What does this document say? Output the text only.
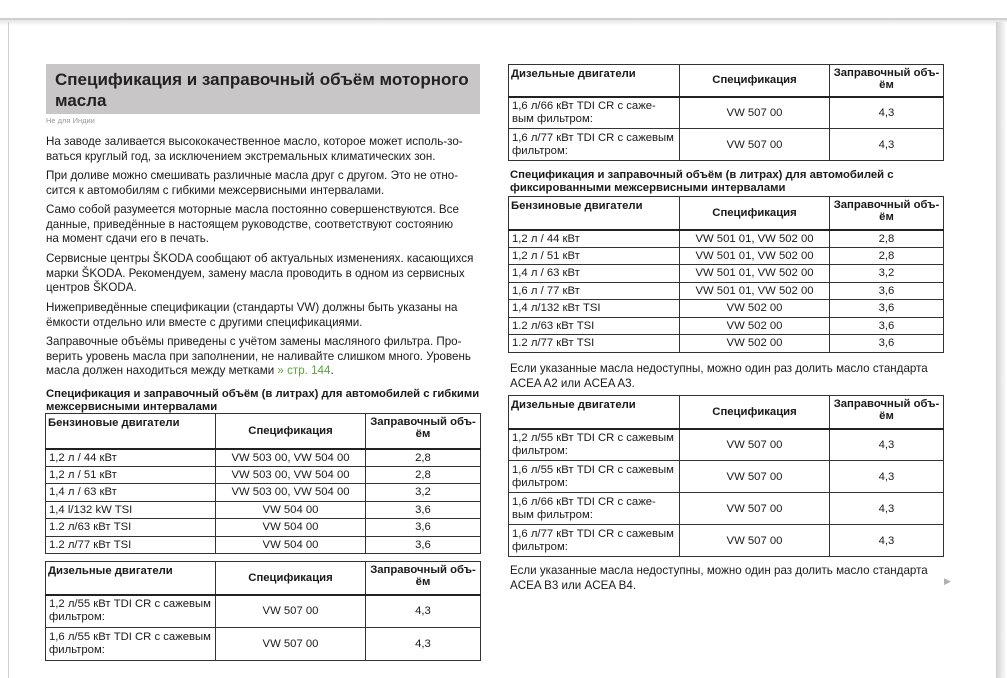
Спецификация и заправочный объём моторного масла
Не для Индии
На заводе заливается высококачественное масло, которое может исполь-зо-
ваться круглый год, за исключением экстремальных климатических зон.
При доливе можно смешивать различные масла друг с другом. Это не отно-
сится к автомобилям с гибкими межсервисными интервалами.
Само собой разумеется моторные масла постоянно совершенствуются. Все
данные, приведённые в настоящем руководстве, соответствуют состоянию
на момент сдачи его в печать.
Сервисные центры ŠKODA сообщают об актуальных изменениях. касающихся
марки ŠKODA. Рекомендуем, замену масла проводить в одном из сервисных
центров ŠKODA.
Нижеприведённые спецификации (стандарты VW) должны быть указаны на
ёмкости отдельно или вместе с другими спецификациями.
Заправочные объёмы приведены с учётом замены масляного фильтра. Про-
верить уровень масла при заполнении, не наливайте слишком много. Уровень
масла должен находиться между метками » стр. 144.
Спецификация и заправочный объём (в литрах) для автомобилей с гибкими
межсервисными интервалами
Бензиновые двигатели	Спецификация	Заправочный объ-
ём

1,2 л / 44 кВт	VW 503 00, VW 504 00	2,8
1,2 л / 51 кВт	VW 503 00, VW 504 00	2,8
1,4 л / 63 кВт	VW 503 00, VW 504 00	3,2
1,4 l/132 kW TSI	VW 504 00	3,6
1.2 л/63 кВт TSI	VW 504 00	3,6
1.2 л/77 кВт TSI	VW 504 00	3,6
Дизельные двигатели	Спецификация	Заправочный объ-
ём

1,2 л/55 кВт TDI CR с сажевым
фильтром:	VW 507 00	4,3

1,6 л/55 кВт TDI CR с сажевым
фильтром:	VW 507 00	4,3
Дизельные двигатели	Спецификация	Заправочный объ-
ём

1,6 л/66 кВт TDI CR с саже-
вым фильтром:	VW 507 00	4,3

1,6 л/77 кВт TDI CR с сажевым
фильтром:	VW 507 00	4,3
Спецификация и заправочный объём (в литрах) для автомобилей с
фиксированными межсервисными интервалами
Бензиновые двигатели	Спецификация	Заправочный объ-
ём

1,2 л / 44 кВт	VW 501 01, VW 502 00	2,8
1,2 л / 51 кВт	VW 501 01, VW 502 00	2,8
1,4 л / 63 кВт	VW 501 01, VW 502 00	3,2
1,6 л / 77 кВт	VW 501 01, VW 502 00	3,6
1,4 л/132 кВт TSI	VW 502 00	3,6
1.2 л/63 кВт TSI	VW 502 00	3,6
1.2 л/77 кВт TSI	VW 502 00	3,6
Если указанные масла недоступны, можно один раз долить масло стандарта
ACEA A2 или ACEA A3.
Дизельные двигатели	Спецификация	Заправочный объ-
ём

1,2 л/55 кВт TDI CR с сажевым
фильтром:	VW 507 00	4,3

1,6 л/55 кВт TDI CR с сажевым
фильтром:	VW 507 00	4,3

1,6 л/66 кВт TDI CR с саже-
вым фильтром:	VW 507 00	4,3

1,6 л/77 кВт TDI CR с сажевым
фильтром:	VW 507 00	4,3
Если указанные масла недоступны, можно один раз долить масло стандарта
ACEA B3 или ACEA B4.	▶
